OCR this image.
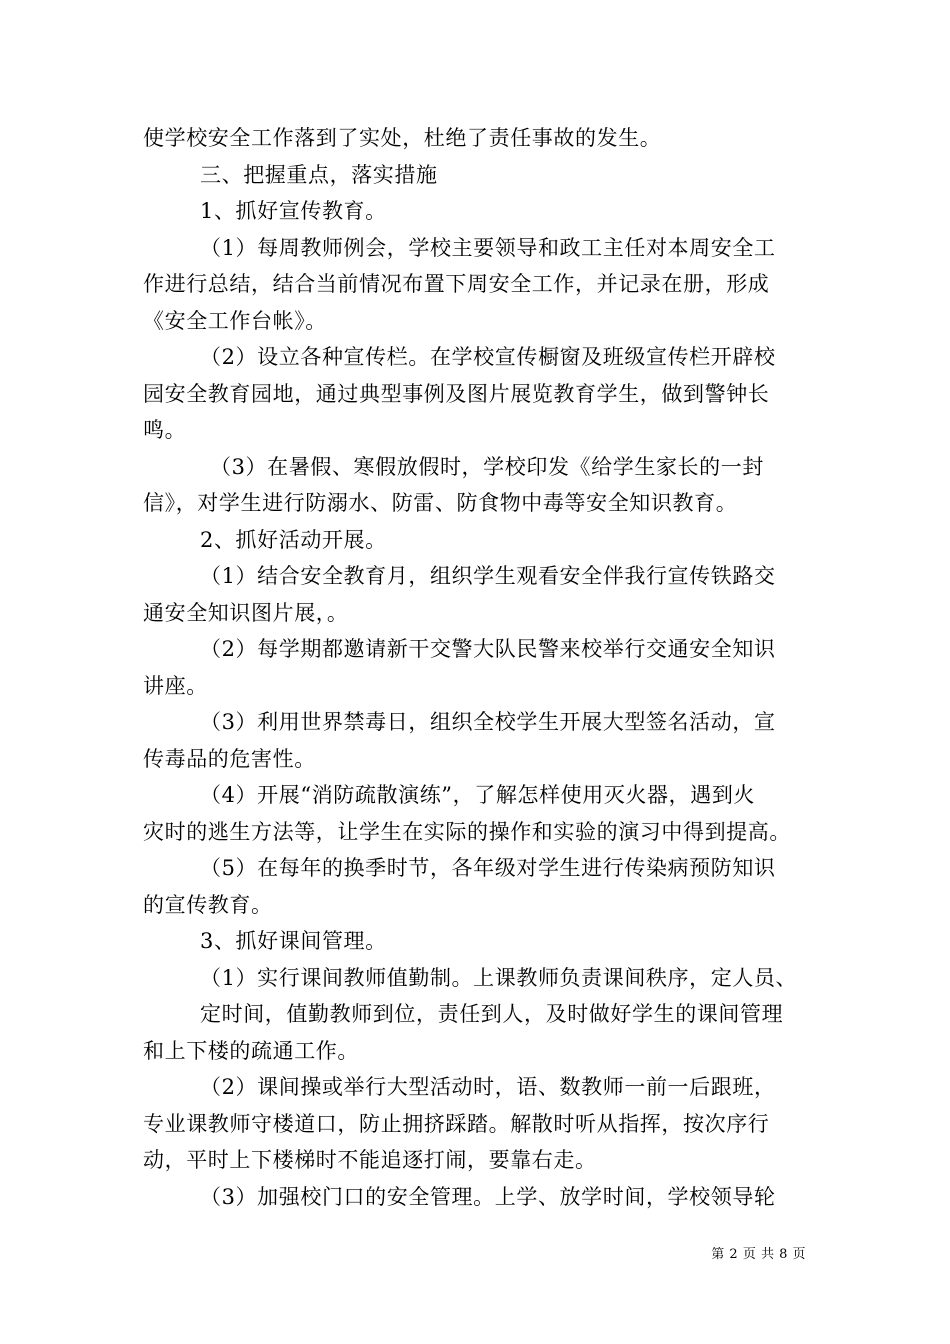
使学校安全工作落到了实处，杜绝了责任事故的发生。
三、把握重点，落实措施
1、抓好宣传教育。
（1）每周教师例会，学校主要领导和政工主任对本周安全工
作进行总结，结合当前情况布置下周安全工作，并记录在册，形成
《安全工作台帐》。
（2）设立各种宣传栏。在学校宣传橱窗及班级宣传栏开辟校
园安全教育园地，通过典型事例及图片展览教育学生，做到警钟长
鸣。
（3）在暑假、寒假放假时，学校印发《给学生家长的一封
信》，对学生进行防溺水、防雷、防食物中毒等安全知识教育。
2、抓好活动开展。
（1）结合安全教育月，组织学生观看安全伴我行宣传铁路交
通安全知识图片展，。
（2）每学期都邀请新干交警大队民警来校举行交通安全知识
讲座。
（3）利用世界禁毒日，组织全校学生开展大型签名活动，宣
传毒品的危害性。
（4）开展“消防疏散演练”，了解怎样使用灭火器，遇到火
灾时的逃生方法等，让学生在实际的操作和实验的演习中得到提高。
（5）在每年的换季时节，各年级对学生进行传染病预防知识
的宣传教育。
3、抓好课间管理。
（1）实行课间教师值勤制。上课教师负责课间秩序，定人员、
定时间，值勤教师到位，责任到人，及时做好学生的课间管理
和上下楼的疏通工作。
（2）课间操或举行大型活动时，语、数教师一前一后跟班，
专业课教师守楼道口，防止拥挤踩踏。解散时听从指挥，按次序行
动，平时上下楼梯时不能追逐打闹，要靠右走。
（3）加强校门口的安全管理。上学、放学时间，学校领导轮
第 2 页 共 8 页
